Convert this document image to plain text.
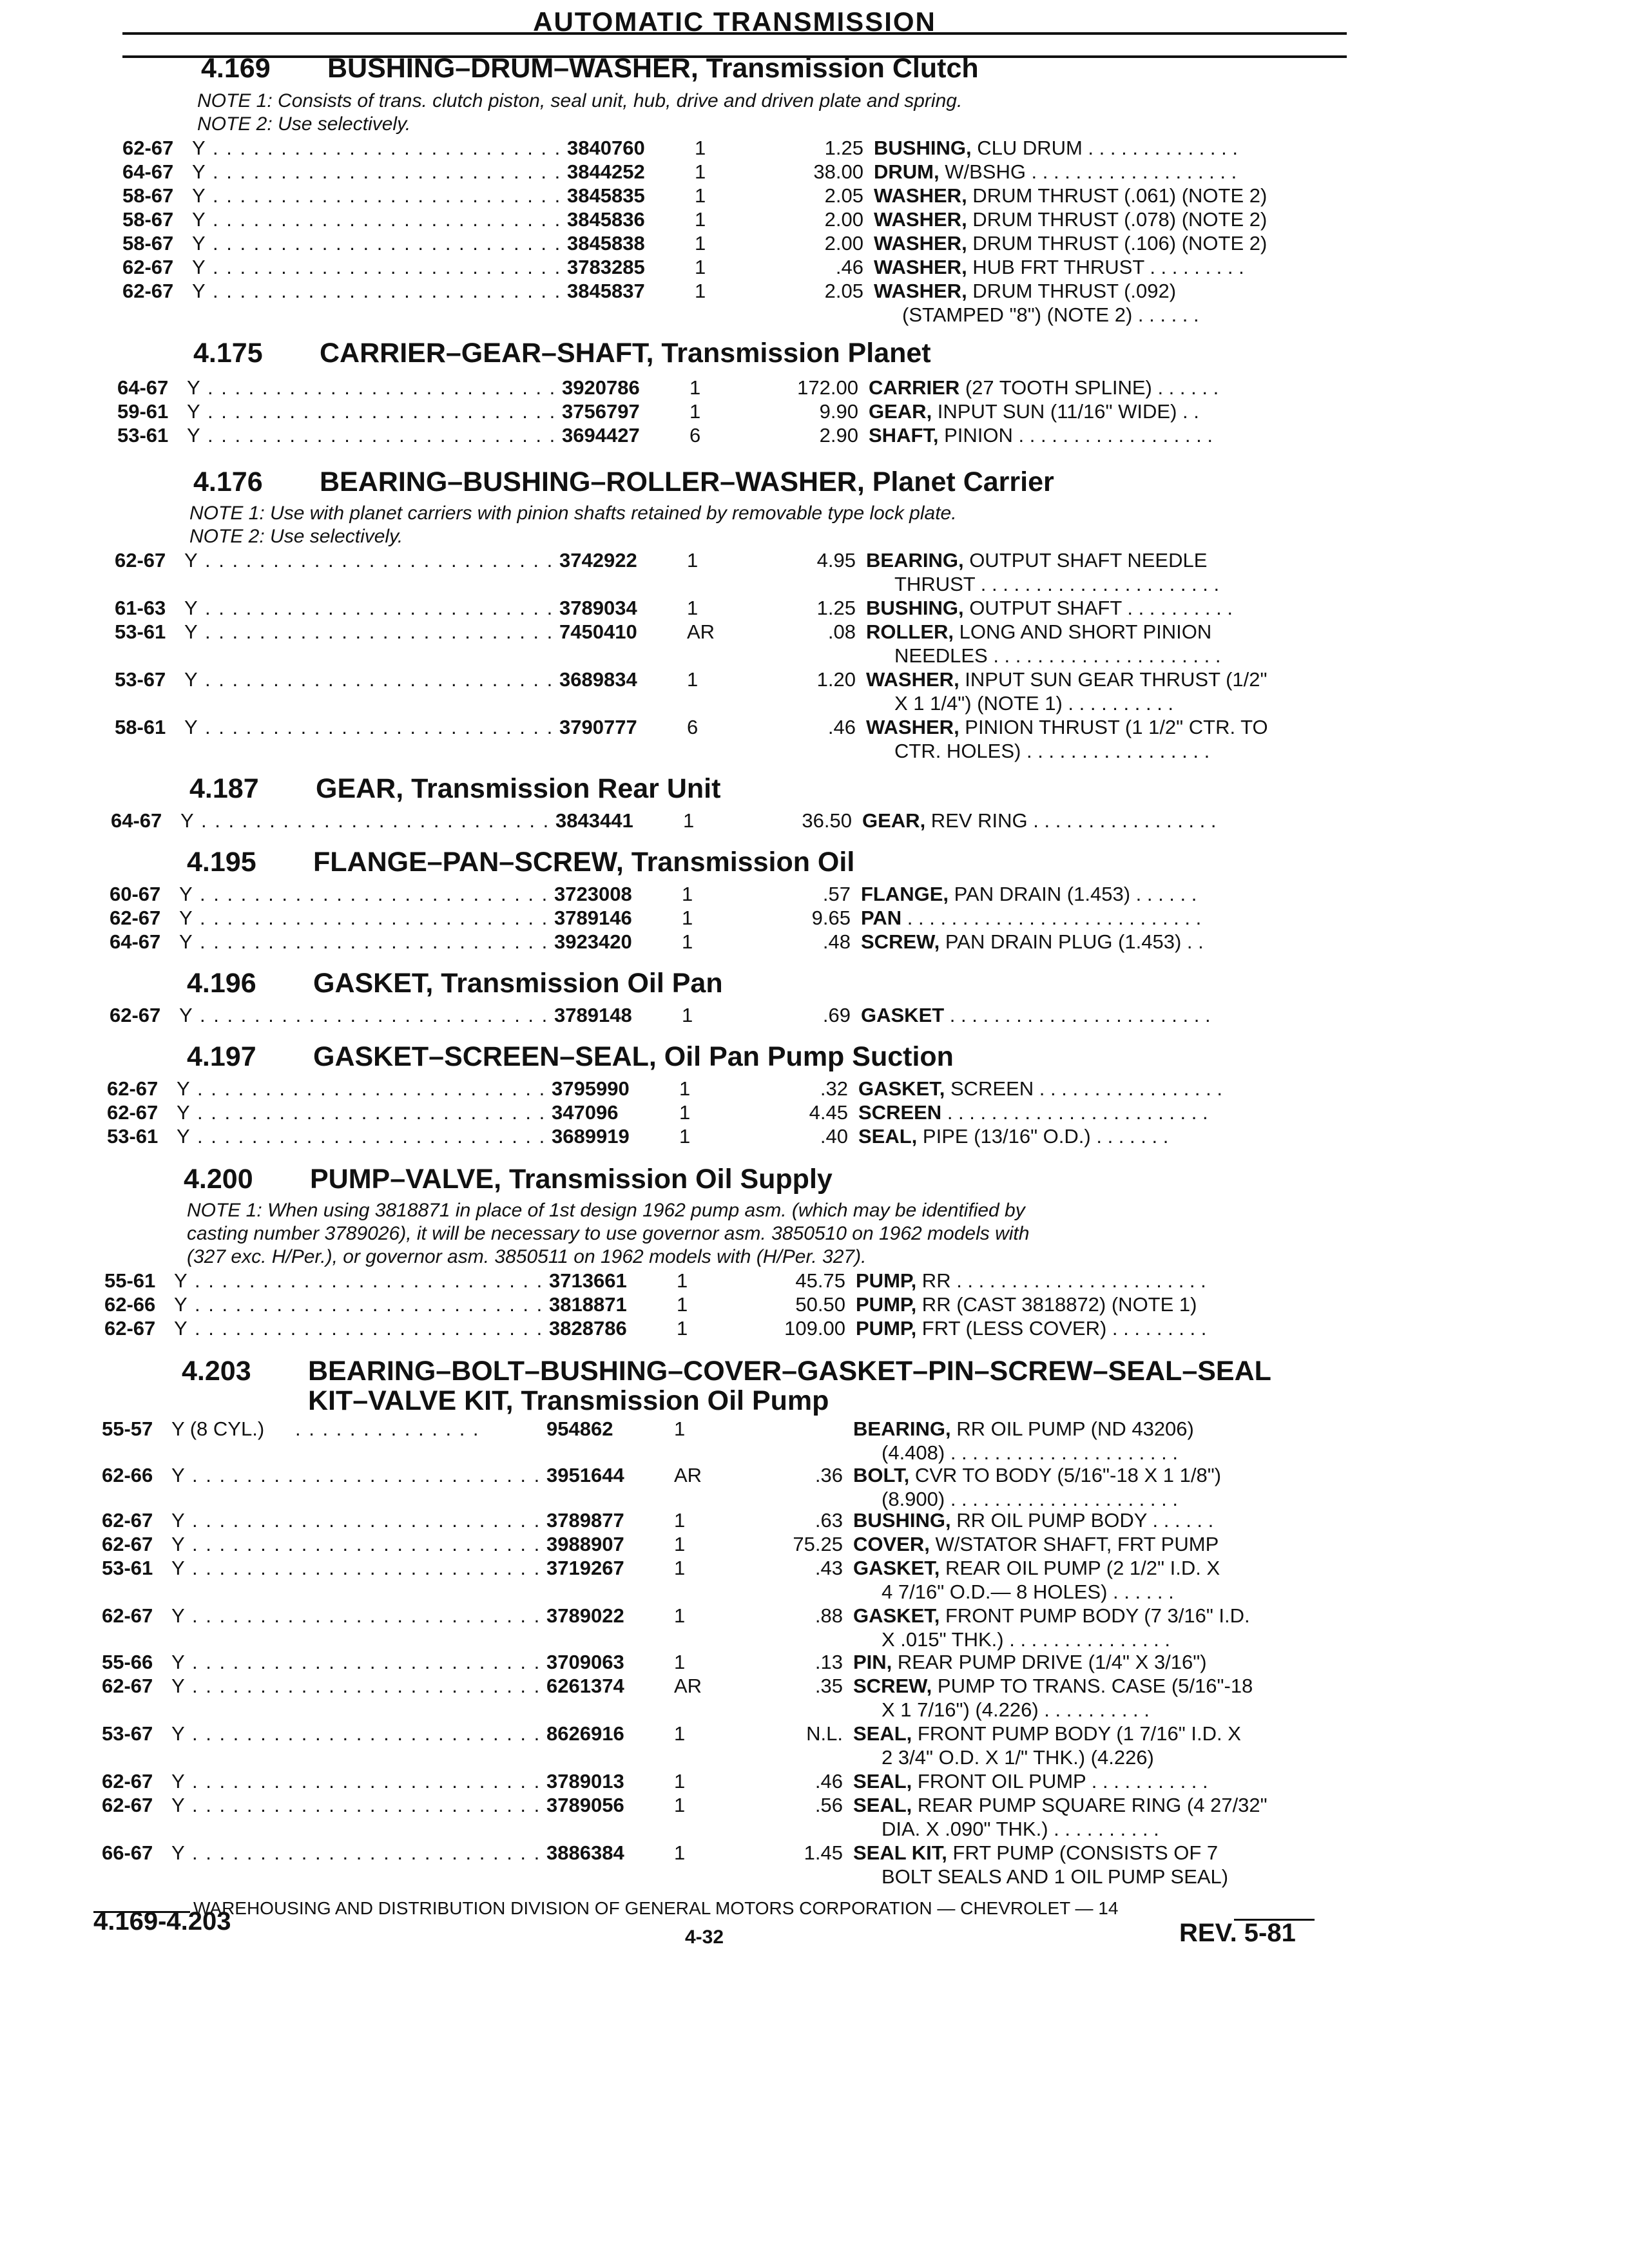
AUTOMATIC TRANSMISSION
4.169 BUSHING–DRUM–WASHER, Transmission Clutch
NOTE 1: Consists of trans. clutch piston, seal unit, hub, drive and driven plate and spring.
NOTE 2: Use selectively.
62-67 Y . . . . . . . . . . . . . . . . . . . . . . . . . . 3840760 1	1.25 BUSHING, CLU DRUM . . . . . . . . . . . . . .
64-67 Y . . . . . . . . . . . . . . . . . . . . . . . . . . 3844252 1	38.00 DRUM, W/BSHG . . . . . . . . . . . . . . . . . . .
58-67 Y . . . . . . . . . . . . . . . . . . . . . . . . . . 3845835 1	2.05 WASHER, DRUM THRUST (.061) (NOTE 2)
58-67 Y . . . . . . . . . . . . . . . . . . . . . . . . . . 3845836 1	2.00 WASHER, DRUM THRUST (.078) (NOTE 2)
58-67 Y . . . . . . . . . . . . . . . . . . . . . . . . . . 3845838 1	2.00 WASHER, DRUM THRUST (.106) (NOTE 2)
62-67 Y . . . . . . . . . . . . . . . . . . . . . . . . . . 3783285 1	.46 WASHER, HUB FRT THRUST . . . . . . . . .
62-67 Y . . . . . . . . . . . . . . . . . . . . . . . . . . 3845837 1	2.05 WASHER, DRUM THRUST (.092)
(STAMPED "8") (NOTE 2) . . . . . .
4.175 CARRIER–GEAR–SHAFT, Transmission Planet
64-67 Y . . . . . . . . . . . . . . . . . . . . . . . . . . 3920786 1	172.00 CARRIER (27 TOOTH SPLINE) . . . . . .
59-61 Y . . . . . . . . . . . . . . . . . . . . . . . . . . 3756797 1	9.90 GEAR, INPUT SUN (11/16" WIDE) . .
53-61 Y . . . . . . . . . . . . . . . . . . . . . . . . . . 3694427 6	2.90 SHAFT, PINION . . . . . . . . . . . . . . . . . .
4.176 BEARING–BUSHING–ROLLER–WASHER, Planet Carrier
NOTE 1: Use with planet carriers with pinion shafts retained by removable type lock plate.
NOTE 2: Use selectively.
62-67 Y . . . . . . . . . . . . . . . . . . . . . . . . . . 3742922 1	4.95 BEARING, OUTPUT SHAFT NEEDLE
THRUST . . . . . . . . . . . . . . . . . . . . . .
61-63 Y . . . . . . . . . . . . . . . . . . . . . . . . . . 3789034 1	1.25 BUSHING, OUTPUT SHAFT . . . . . . . . . .
53-61 Y . . . . . . . . . . . . . . . . . . . . . . . . . . 7450410 AR	.08 ROLLER, LONG AND SHORT PINION
NEEDLES . . . . . . . . . . . . . . . . . . . . .
53-67 Y . . . . . . . . . . . . . . . . . . . . . . . . . . 3689834 1	1.20 WASHER, INPUT SUN GEAR THRUST (1/2"
X 1 1/4") (NOTE 1) . . . . . . . . . .
58-61 Y . . . . . . . . . . . . . . . . . . . . . . . . . . 3790777 6	.46 WASHER, PINION THRUST (1 1/2" CTR. TO
CTR. HOLES) . . . . . . . . . . . . . . . . .
4.187 GEAR, Transmission Rear Unit
64-67 Y . . . . . . . . . . . . . . . . . . . . . . . . . . 3843441 1	36.50 GEAR, REV RING . . . . . . . . . . . . . . . . .
4.195 FLANGE–PAN–SCREW, Transmission Oil
60-67 Y . . . . . . . . . . . . . . . . . . . . . . . . . . 3723008 1	.57 FLANGE, PAN DRAIN (1.453) . . . . . .
62-67 Y . . . . . . . . . . . . . . . . . . . . . . . . . . 3789146 1	9.65 PAN . . . . . . . . . . . . . . . . . . . . . . . . . . .
64-67 Y . . . . . . . . . . . . . . . . . . . . . . . . . . 3923420 1	.48 SCREW, PAN DRAIN PLUG (1.453) . .
4.196 GASKET, Transmission Oil Pan
62-67 Y . . . . . . . . . . . . . . . . . . . . . . . . . . 3789148 1	.69 GASKET . . . . . . . . . . . . . . . . . . . . . . . .
4.197 GASKET–SCREEN–SEAL, Oil Pan Pump Suction
62-67 Y . . . . . . . . . . . . . . . . . . . . . . . . . . 3795990 1	.32 GASKET, SCREEN . . . . . . . . . . . . . . . . .
62-67 Y . . . . . . . . . . . . . . . . . . . . . . . . . . 347096	1	4.45 SCREEN . . . . . . . . . . . . . . . . . . . . . . . .
53-61 Y . . . . . . . . . . . . . . . . . . . . . . . . . . 3689919 1	.40 SEAL, PIPE (13/16" O.D.) . . . . . . .
4.200 PUMP–VALVE, Transmission Oil Supply
NOTE 1: When using 3818871 in place of 1st design 1962 pump asm. (which may be identified by
casting number 3789026), it will be necessary to use governor asm. 3850510 on 1962 models with
(327 exc. H/Per.), or governor asm. 3850511 on 1962 models with (H/Per. 327).
55-61 Y . . . . . . . . . . . . . . . . . . . . . . . . . . 3713661 1	45.75 PUMP, RR . . . . . . . . . . . . . . . . . . . . . . .
62-66 Y . . . . . . . . . . . . . . . . . . . . . . . . . . 3818871 1	50.50 PUMP, RR (CAST 3818872) (NOTE 1)
62-67 Y . . . . . . . . . . . . . . . . . . . . . . . . . . 3828786 1	109.00 PUMP, FRT (LESS COVER) . . . . . . . . .
4.203 BEARING–BOLT–BUSHING–COVER–GASKET–PIN–SCREW–SEAL–SEAL
KIT–VALVE KIT, Transmission Oil Pump
55-57 Y (8 CYL.) . . . . . . . . . . . . . .	954862	1	BEARING, RR OIL PUMP (ND 43206)
(4.408) . . . . . . . . . . . . . . . . . . . . .
62-66 Y . . . . . . . . . . . . . . . . . . . . . . . . . . 3951644 AR	.36 BOLT, CVR TO BODY (5/16"-18 X 1 1/8")
(8.900) . . . . . . . . . . . . . . . . . . . . .
62-67 Y . . . . . . . . . . . . . . . . . . . . . . . . . . 3789877 1	.63 BUSHING, RR OIL PUMP BODY . . . . . .
62-67 Y . . . . . . . . . . . . . . . . . . . . . . . . . . 3988907 1	75.25 COVER, W/STATOR SHAFT, FRT PUMP
53-61 Y . . . . . . . . . . . . . . . . . . . . . . . . . . 3719267 1	.43 GASKET, REAR OIL PUMP (2 1/2" I.D. X
4 7/16" O.D.— 8 HOLES) . . . . . .
62-67 Y . . . . . . . . . . . . . . . . . . . . . . . . . . 3789022 1	.88 GASKET, FRONT PUMP BODY (7 3/16" I.D.
X .015" THK.) . . . . . . . . . . . . . . .
55-66 Y . . . . . . . . . . . . . . . . . . . . . . . . . . 3709063 1	.13 PIN, REAR PUMP DRIVE (1/4" X 3/16")
62-67 Y . . . . . . . . . . . . . . . . . . . . . . . . . . 6261374 AR	.35 SCREW, PUMP TO TRANS. CASE (5/16"-18
X 1 7/16") (4.226) . . . . . . . . . .
53-67 Y . . . . . . . . . . . . . . . . . . . . . . . . . . 8626916 1	N.L. SEAL, FRONT PUMP BODY (1 7/16" I.D. X
2 3/4" O.D. X 1/" THK.) (4.226)
62-67 Y . . . . . . . . . . . . . . . . . . . . . . . . . . 3789013 1	.46 SEAL, FRONT OIL PUMP . . . . . . . . . . .
62-67 Y . . . . . . . . . . . . . . . . . . . . . . . . . . 3789056 1	.56 SEAL, REAR PUMP SQUARE RING (4 27/32"
DIA. X .090" THK.) . . . . . . . . . .
66-67 Y . . . . . . . . . . . . . . . . . . . . . . . . . . 3886384 1	1.45 SEAL KIT, FRT PUMP (CONSISTS OF 7
BOLT SEALS AND 1 OIL PUMP SEAL)
WAREHOUSING AND DISTRIBUTION DIVISION OF GENERAL MOTORS CORPORATION — CHEVROLET — 14
4.169-4.203
4-32	REV. 5-81
